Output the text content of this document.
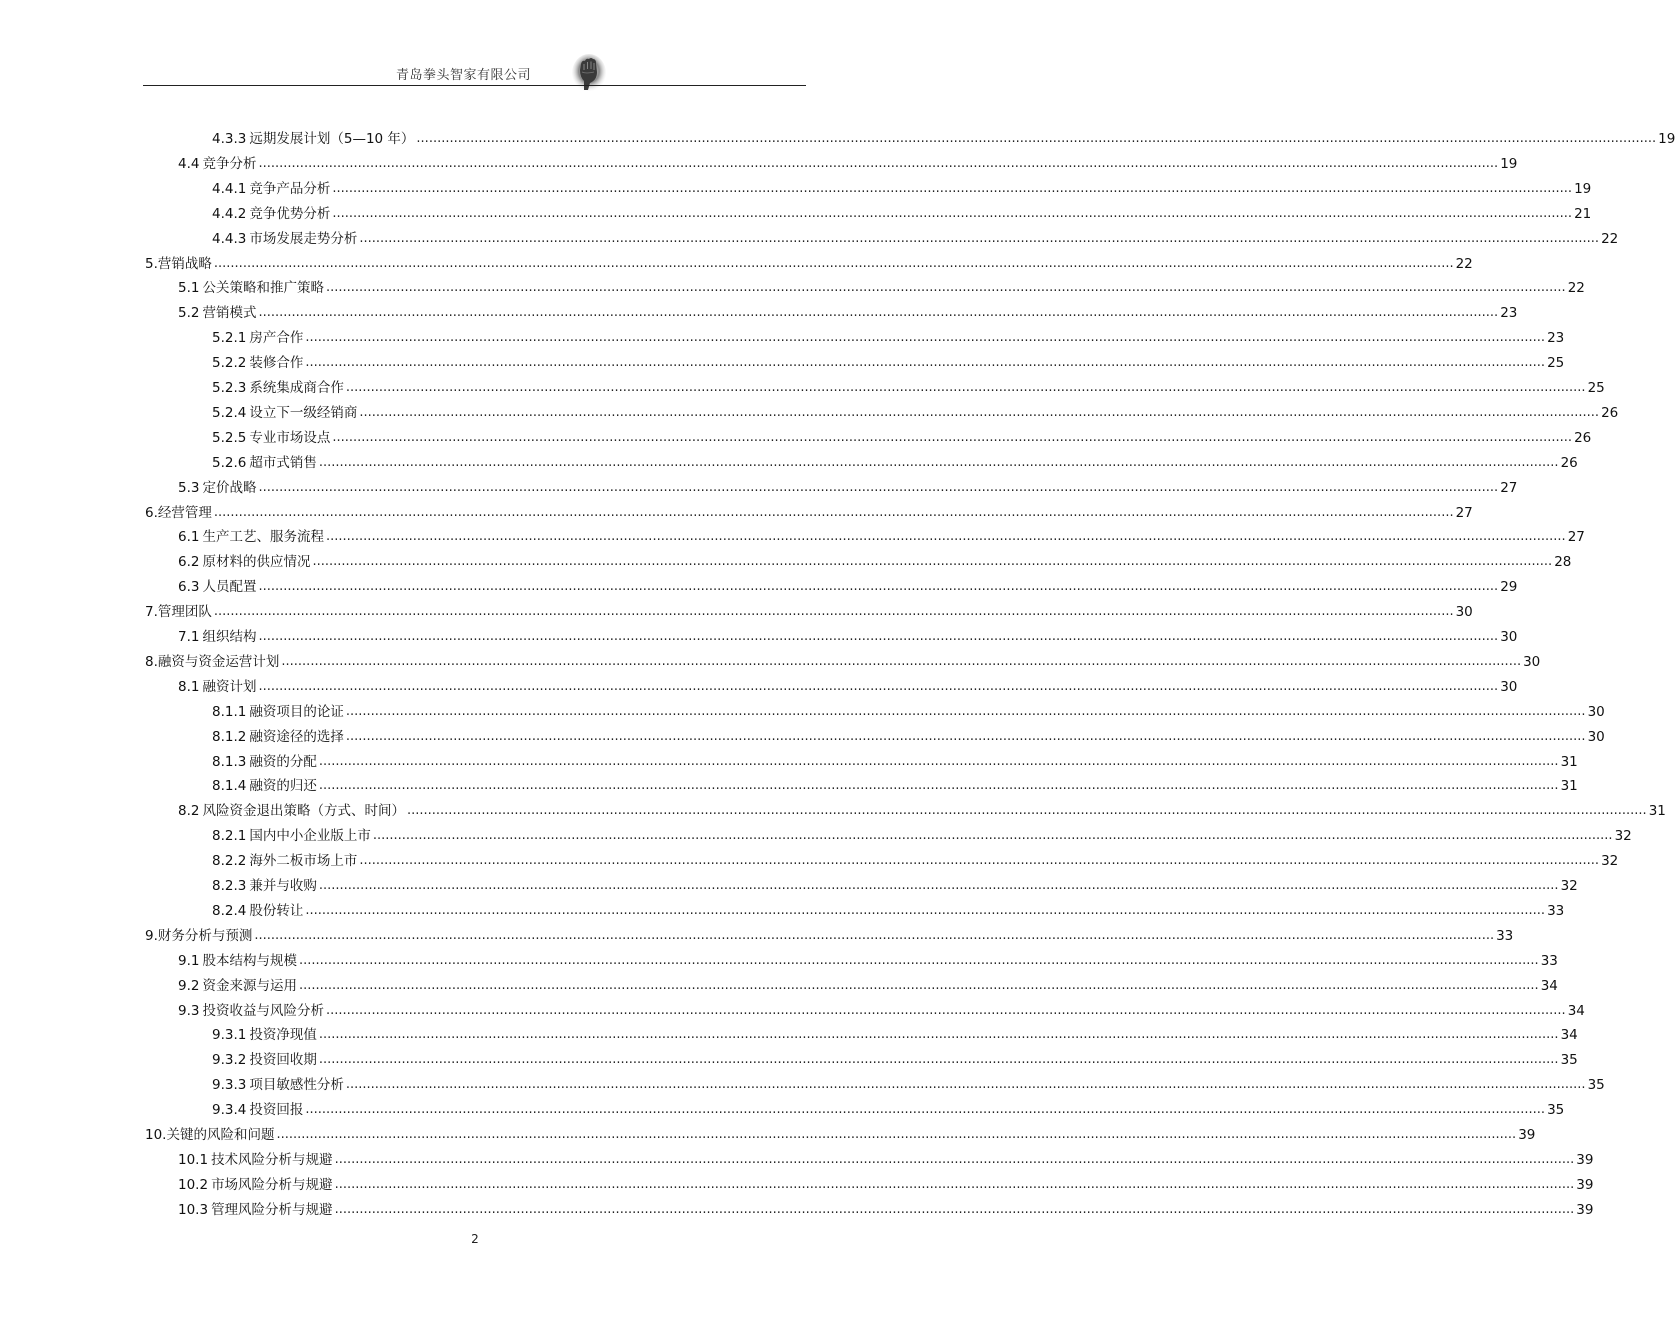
青岛拳头智家有限公司
4.3.3 远期发展计划（5—10 年） ............................................................................................................................................................................................................................................................................................................ 19
4.4 竞争分析 ............................................................................................................................................................................................................................................................................................................ 19
4.4.1 竞争产品分析 ............................................................................................................................................................................................................................................................................................................ 19
4.4.2 竞争优势分析 ............................................................................................................................................................................................................................................................................................................ 21
4.4.3 市场发展走势分析 ............................................................................................................................................................................................................................................................................................................ 22
5. 营销战略 ............................................................................................................................................................................................................................................................................................................ 22
5.1 公关策略和推广策略 ............................................................................................................................................................................................................................................................................................................ 22
5.2 营销模式 ............................................................................................................................................................................................................................................................................................................ 23
5.2.1 房产合作 ............................................................................................................................................................................................................................................................................................................ 23
5.2.2 装修合作 ............................................................................................................................................................................................................................................................................................................ 25
5.2.3 系统集成商合作 ............................................................................................................................................................................................................................................................................................................ 25
5.2.4 设立下一级经销商 ............................................................................................................................................................................................................................................................................................................ 26
5.2.5 专业市场设点 ............................................................................................................................................................................................................................................................................................................ 26
5.2.6 超市式销售 ............................................................................................................................................................................................................................................................................................................ 26
5.3 定价战略 ............................................................................................................................................................................................................................................................................................................ 27
6. 经营管理 ............................................................................................................................................................................................................................................................................................................ 27
6.1 生产工艺、服务流程 ............................................................................................................................................................................................................................................................................................................ 27
6.2 原材料的供应情况 ............................................................................................................................................................................................................................................................................................................ 28
6.3 人员配置 ............................................................................................................................................................................................................................................................................................................ 29
7. 管理团队 ............................................................................................................................................................................................................................................................................................................ 30
7.1 组织结构 ............................................................................................................................................................................................................................................................................................................ 30
8. 融资与资金运营计划 ............................................................................................................................................................................................................................................................................................................ 30
8.1 融资计划 ............................................................................................................................................................................................................................................................................................................ 30
8.1.1 融资项目的论证 ............................................................................................................................................................................................................................................................................................................ 30
8.1.2 融资途径的选择 ............................................................................................................................................................................................................................................................................................................ 30
8.1.3 融资的分配 ............................................................................................................................................................................................................................................................................................................ 31
8.1.4 融资的归还 ............................................................................................................................................................................................................................................................................................................ 31
8.2 风险资金退出策略（方式、时间） ............................................................................................................................................................................................................................................................................................................ 31
8.2.1 国内中小企业版上市 ............................................................................................................................................................................................................................................................................................................ 32
8.2.2 海外二板市场上市 ............................................................................................................................................................................................................................................................................................................ 32
8.2.3 兼并与收购 ............................................................................................................................................................................................................................................................................................................ 32
8.2.4 股份转让 ............................................................................................................................................................................................................................................................................................................ 33
9. 财务分析与预测 ............................................................................................................................................................................................................................................................................................................ 33
9.1 股本结构与规模 ............................................................................................................................................................................................................................................................................................................ 33
9.2 资金来源与运用 ............................................................................................................................................................................................................................................................................................................ 34
9.3 投资收益与风险分析 ............................................................................................................................................................................................................................................................................................................ 34
9.3.1 投资净现值 ............................................................................................................................................................................................................................................................................................................ 34
9.3.2 投资回收期 ............................................................................................................................................................................................................................................................................................................ 35
9.3.3 项目敏感性分析 ............................................................................................................................................................................................................................................................................................................ 35
9.3.4 投资回报 ............................................................................................................................................................................................................................................................................................................ 35
10. 关键的风险和问题 ............................................................................................................................................................................................................................................................................................................ 39
10.1 技术风险分析与规避 ............................................................................................................................................................................................................................................................................................................ 39
10.2 市场风险分析与规避 ............................................................................................................................................................................................................................................................................................................ 39
10.3 管理风险分析与规避 ............................................................................................................................................................................................................................................................................................................ 39
2
